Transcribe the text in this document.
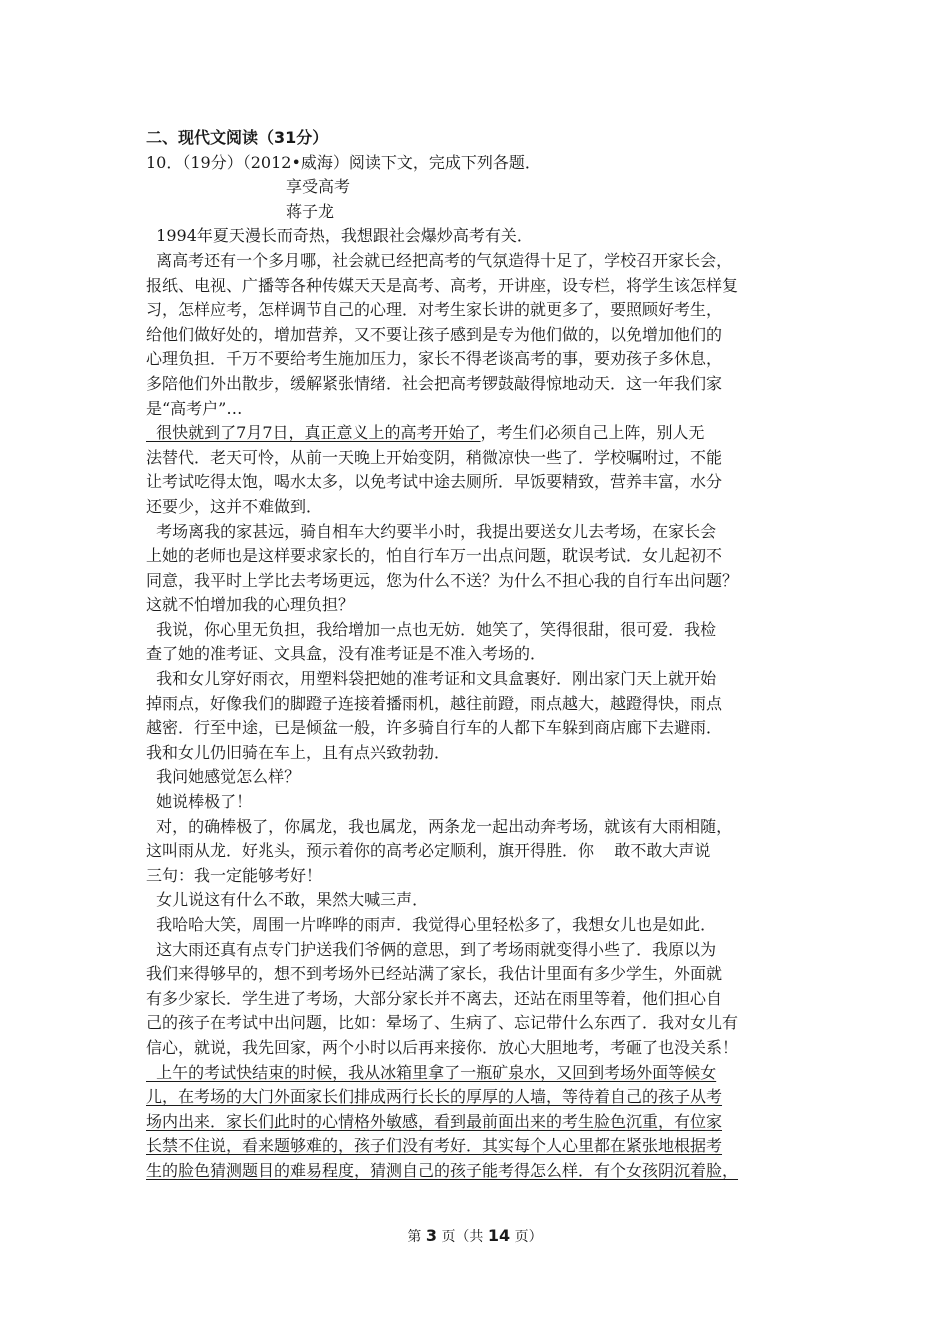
二、现代文阅读（31分）
10．（19分）（2012•威海）阅读下文，完成下列各题．
享受高考
蒋子龙
1994年夏天漫长而奇热，我想跟社会爆炒高考有关．
离高考还有一个多月哪，社会就已经把高考的气氛造得十足了，学校召开家长会，
报纸、电视、广播等各种传媒天天是高考、高考，开讲座，设专栏，将学生该怎样复
习，怎样应考，怎样调节自己的心理．对考生家长讲的就更多了，要照顾好考生，
给他们做好处的，增加营养，又不要让孩子感到是专为他们做的，以免增加他们的
心理负担．千万不要给考生施加压力，家长不得老谈高考的事，要劝孩子多休息，
多陪他们外出散步，缓解紧张情绪．社会把高考锣鼓敲得惊地动天．这一年我们家
是“高考户”…
很快就到了7月7日，真正意义上的高考开始了，考生们必须自己上阵，别人无
法替代．老天可怜，从前一天晚上开始变阴，稍微凉快一些了．学校嘱咐过，不能
让考试吃得太饱，喝水太多，以免考试中途去厕所．早饭要精致，营养丰富，水分
还要少，这并不难做到．
考场离我的家甚远，骑自相车大约要半小时，我提出要送女儿去考场，在家长会
上她的老师也是这样要求家长的，怕自行车万一出点问题，耽误考试．女儿起初不
同意，我平时上学比去考场更远，您为什么不送？为什么不担心我的自行车出问题？
这就不怕增加我的心理负担？
我说，你心里无负担，我给增加一点也无妨．她笑了，笑得很甜，很可爱．我检
查了她的准考证、文具盒，没有准考证是不准入考场的．
我和女儿穿好雨衣，用塑料袋把她的准考证和文具盒裹好．刚出家门天上就开始
掉雨点，好像我们的脚蹬子连接着播雨机，越往前蹬，雨点越大，越蹬得快，雨点
越密．行至中途，已是倾盆一般，许多骑自行车的人都下车躲到商店廊下去避雨．
我和女儿仍旧骑在车上，且有点兴致勃勃．
我问她感觉怎么样？
她说棒极了！
对，的确棒极了，你属龙，我也属龙，两条龙一起出动奔考场，就该有大雨相随，
这叫雨从龙．好兆头，预示着你的高考必定顺利，旗开得胜．你    敢不敢大声说
三句：我一定能够考好！
女儿说这有什么不敢，果然大喊三声．
我哈哈大笑，周围一片哗哗的雨声．我觉得心里轻松多了，我想女儿也是如此．
这大雨还真有点专门护送我们爷俩的意思，到了考场雨就变得小些了．我原以为
我们来得够早的，想不到考场外已经站满了家长，我估计里面有多少学生，外面就
有多少家长．学生进了考场，大部分家长并不离去，还站在雨里等着，他们担心自
己的孩子在考试中出问题，比如：晕场了、生病了、忘记带什么东西了．我对女儿有
信心，就说，我先回家，两个小时以后再来接你．放心大胆地考，考砸了也没关系！
上午的考试快结束的时候，我从冰箱里拿了一瓶矿泉水，又回到考场外面等候女
儿，在考场的大门外面家长们排成两行长长的厚厚的人墙，等待着自己的孩子从考
场内出来．家长们此时的心情格外敏感，看到最前面出来的考生脸色沉重，有位家
长禁不住说，看来题够难的，孩子们没有考好．其实每个人心里都在紧张地根据考
生的脸色猜测题目的难易程度，猜测自己的孩子能考得怎么样．有个女孩阴沉着脸，
第 3 页（共 14 页）
